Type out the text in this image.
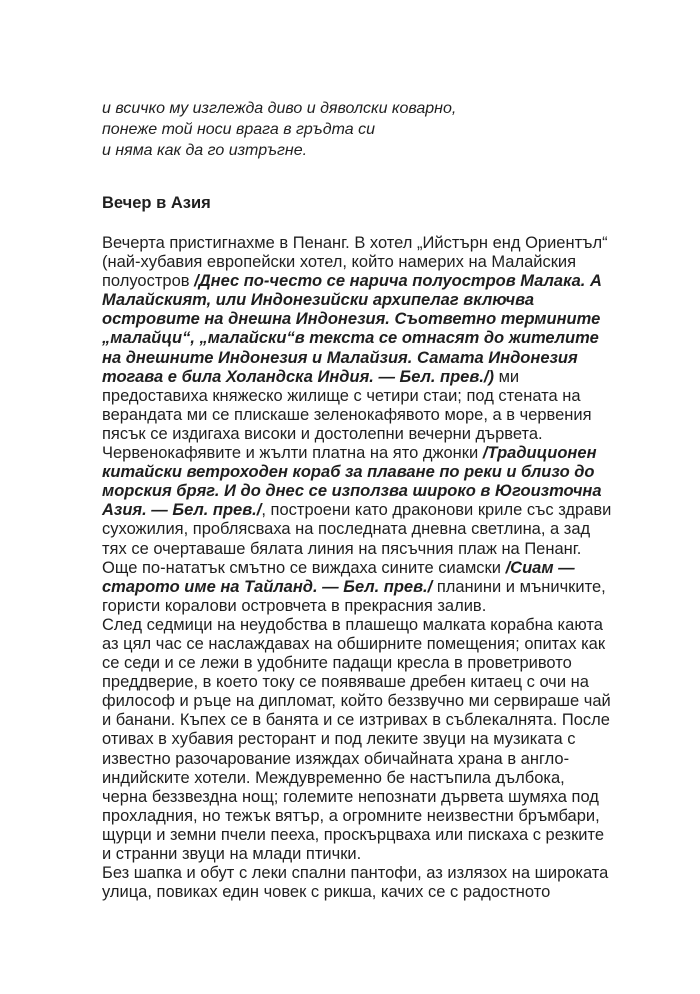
и всичко му изглежда диво и дяволски коварно,
понеже той носи врага в гръдта си
и няма как да го изтръгне.
Вечер в Азия
Вечерта пристигнахме в Пенанг. В хотел „Ийстърн енд Ориентъл“
(най-хубавия европейски хотел, който намерих на Малайския
полуостров /Днес по-често се нарича полуостров Малака. А
Малайският, или Индонезийски архипелаг включва
островите на днешна Индонезия. Съответно термините
„малайци“, „малайски“в текста се отнасят до жителите
на днешните Индонезия и Малайзия. Самата Индонезия
тогава е била Холандска Индия. — Бел. прев./) ми
предоставиха княжеско жилище с четири стаи; под стената на
верандата ми се плискаше зеленокафявото море, а в червения
пясък се издигаха високи и достолепни вечерни дървета.
Червенокафявите и жълти платна на ято джонки /Традиционен
китайски ветроходен кораб за плаване по реки и близо до
морския бряг. И до днес се използва широко в Югоизточна
Азия. — Бел. прев./, построени като драконови криле със здрави
сухожилия, проблясваха на последната дневна светлина, а зад
тях се очертаваше бялата линия на пясъчния плаж на Пенанг.
Още по-нататък смътно се виждаха сините сиамски /Сиам —
старото име на Тайланд. — Бел. прев./ планини и мъничките,
гористи коралови островчета в прекрасния залив.
След седмици на неудобства в плашещо малката корабна каюта
аз цял час се наслаждавах на обширните помещения; опитах как
се седи и се лежи в удобните падащи кресла в проветривото
преддверие, в което току се появяваше дребен китаец с очи на
философ и ръце на дипломат, който беззвучно ми сервираше чай
и банани. Къпех се в банята и се изтривах в съблекалнята. После
отивах в хубавия ресторант и под леките звуци на музиката с
известно разочарование изяждах обичайната храна в англо-
индийските хотели. Междувременно бе настъпила дълбока,
черна беззвездна нощ; големите непознати дървета шумяха под
прохладния, но тежък вятър, а огромните неизвестни бръмбари,
щурци и земни пчели пееха, проскърцваха или пискаха с резките
и странни звуци на млади птички.
Без шапка и обут с леки спални пантофи, аз излязох на широката
улица, повиках един човек с рикша, качих се с радостното
